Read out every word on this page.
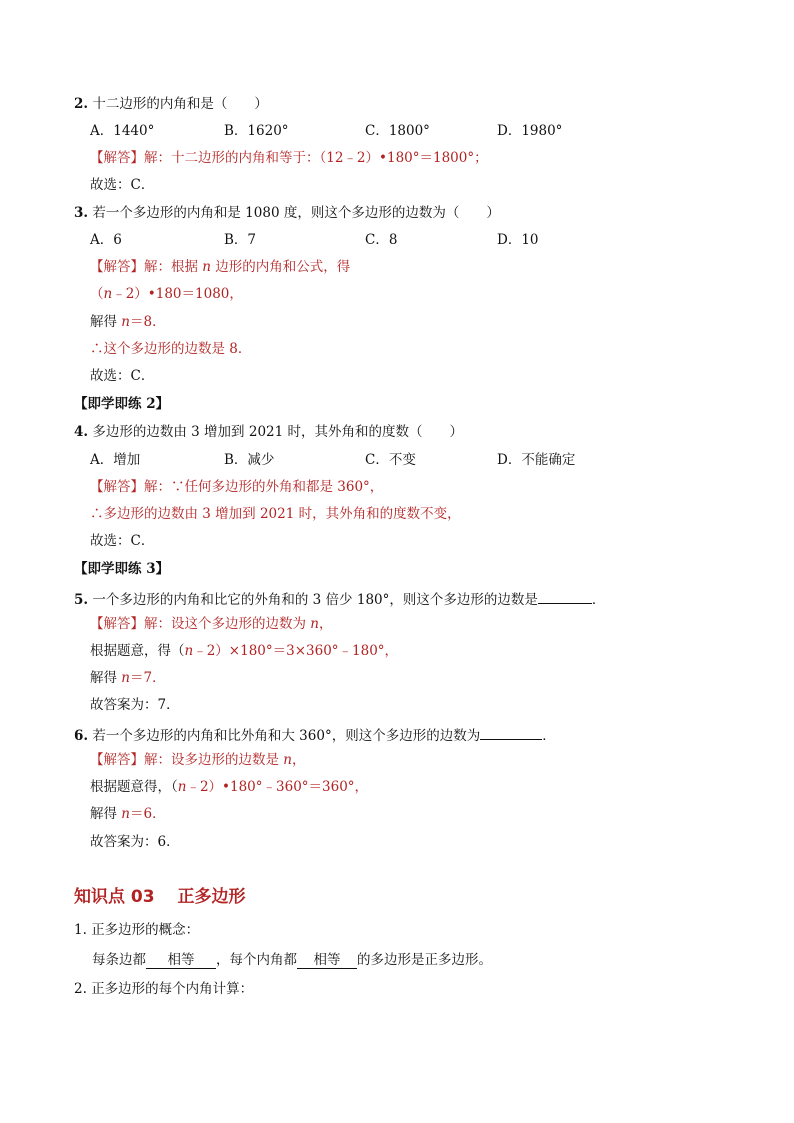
2. 十二边形的内角和是（　　）
A．1440°	B．1620°	C．1800°	D．1980°
【解答】解：十二边形的内角和等于：（12﹣2）•180°＝1800°；
故选：C．
3. 若一个多边形的内角和是 1080 度，则这个多边形的边数为（　　）
A．6	B．7	C．8	D．10
【解答】解：根据 n 边形的内角和公式，得
（n﹣2）•180＝1080，
解得 n＝8．
∴这个多边形的边数是 8．
故选：C．
【即学即练 2】
4. 多边形的边数由 3 增加到 2021 时，其外角和的度数（　　）
A．增加	B．减少	C．不变	D．不能确定
【解答】解：∵任何多边形的外角和都是 360°，
∴多边形的边数由 3 增加到 2021 时，其外角和的度数不变，
故选：C．
【即学即练 3】
5. 一个多边形的内角和比它的外角和的 3 倍少 180°，则这个多边形的边数是	．
【解答】解：设这个多边形的边数为 n，
根据题意，得（n﹣2）×180°＝3×360°﹣180°，
解得 n＝7．
故答案为：7．
6. 若一个多边形的内角和比外角和大 360°，则这个多边形的边数为	．
【解答】解：设多边形的边数是 n，
根据题意得，（n﹣2）•180°﹣360°＝360°，
解得 n＝6．
故答案为：6．
知识点 03　 正多边形
1. 正多边形的概念：
每条边都 相等 ，每个内角都 相等 的多边形是正多边形。
2. 正多边形的每个内角计算：
